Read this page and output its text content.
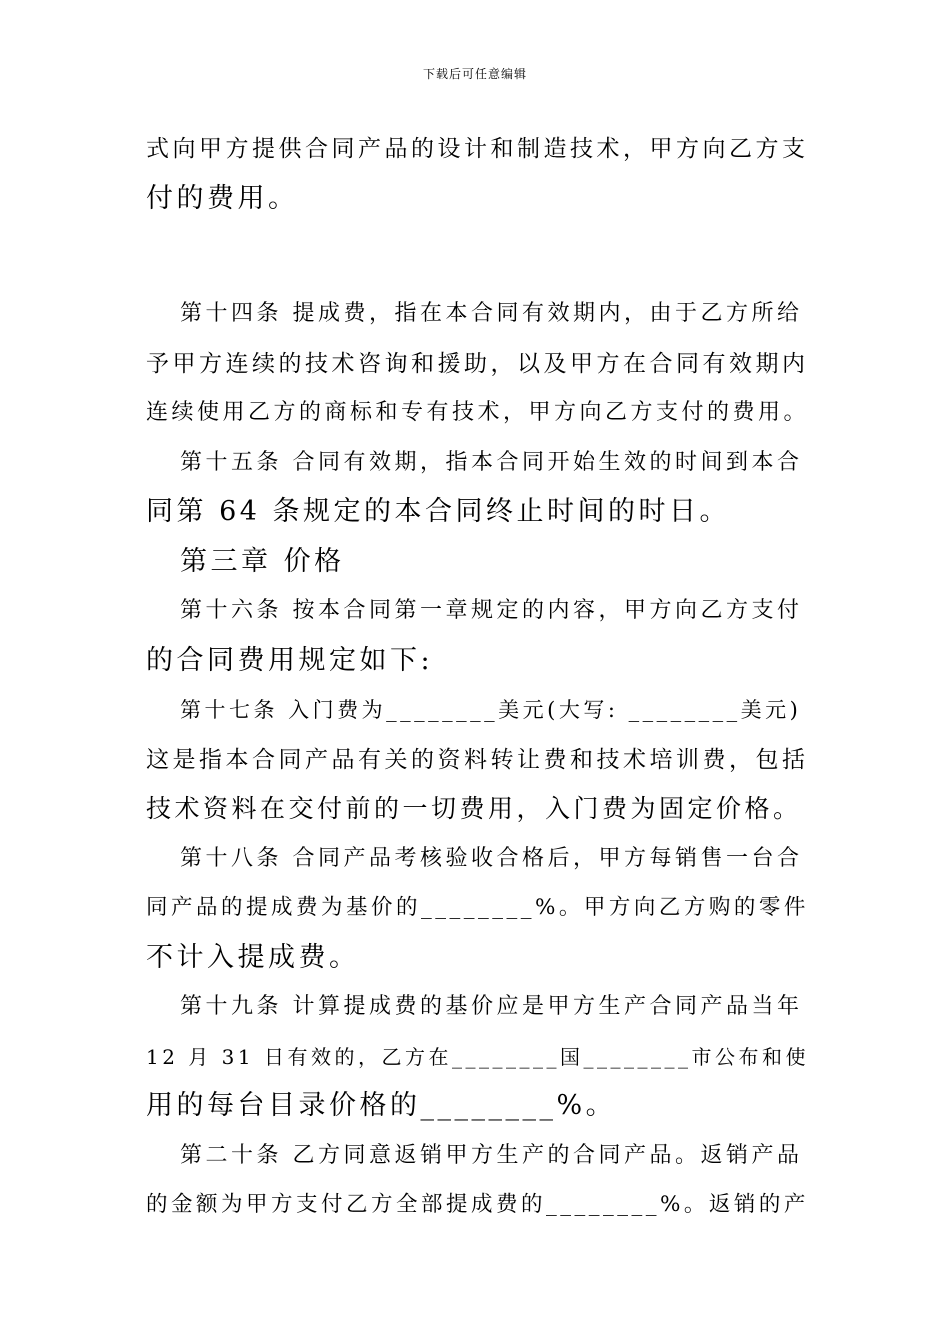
下载后可任意编辑
式向甲方提供合同产品的设计和制造技术，甲方向乙方支
付的费用。
第十四条 提成费，指在本合同有效期内，由于乙方所给
予甲方连续的技术咨询和援助，以及甲方在合同有效期内
连续使用乙方的商标和专有技术，甲方向乙方支付的费用。
第十五条 合同有效期，指本合同开始生效的时间到本合
同第 64 条规定的本合同终止时间的时日。
第三章 价格
第十六条 按本合同第一章规定的内容，甲方向乙方支付
的合同费用规定如下:
第十七条 入门费为________美元(大写: ________美元)
这是指本合同产品有关的资料转让费和技术培训费，包括
技术资料在交付前的一切费用，入门费为固定价格。
第十八条 合同产品考核验收合格后，甲方每销售一台合
同产品的提成费为基价的________%。甲方向乙方购的零件
不计入提成费。
第十九条 计算提成费的基价应是甲方生产合同产品当年
12 月 31 日有效的，乙方在________国________市公布和使
用的每台目录价格的________%。
第二十条 乙方同意返销甲方生产的合同产品。返销产品
的金额为甲方支付乙方全部提成费的________%。返销的产
